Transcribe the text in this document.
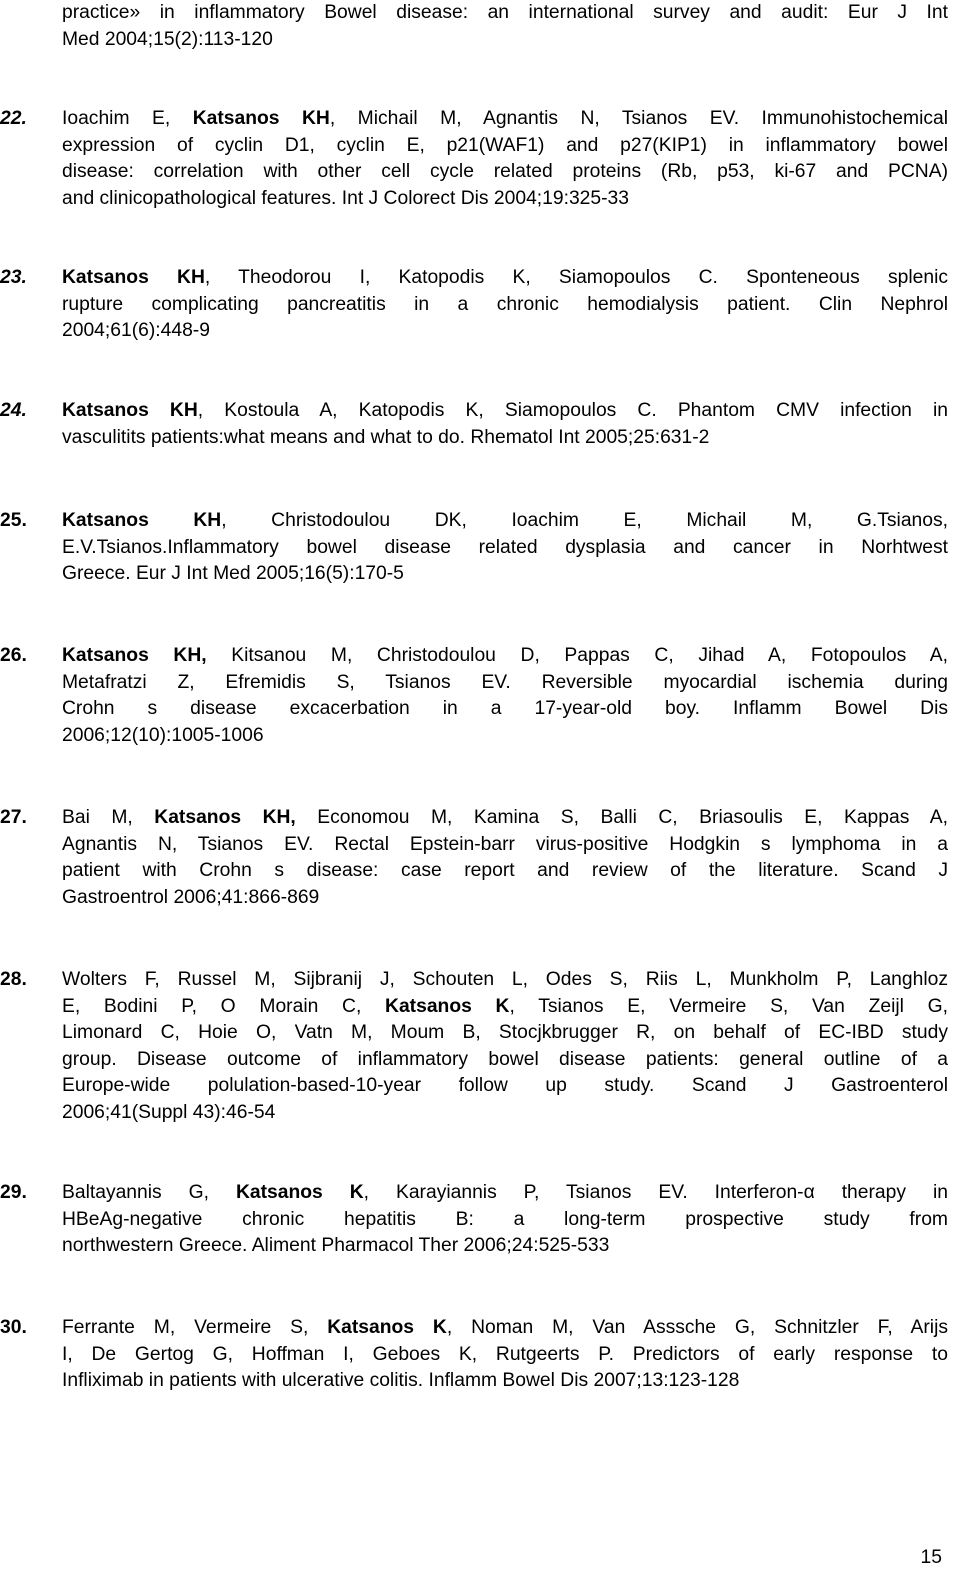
practice» in inflammatory Bowel disease: an international survey and audit: Eur J Int

Med 2004;15(2):113-120

22.	Ioachim E, Katsanos KH, Michail M, Agnantis N, Tsianos EV. Immunohistochemical

expression of cyclin D1, cyclin E, p21(WAF1) and p27(KIP1) in inflammatory bowel

disease: correlation with other cell cycle related proteins (Rb, p53, ki-67 and PCNA)

and clinicopathological features. Int J Colorect Dis 2004;19:325-33

23.	Katsanos KH, Theodorou I, Katopodis K, Siamopoulos C. Sponteneous splenic

rupture complicating pancreatitis in a chronic hemodialysis patient. Clin Nephrol

2004;61(6):448-9

24.	Katsanos KH, Kostoula A, Katopodis K, Siamopoulos C. Phantom CMV infection in

vasculitits patients:what means and what to do. Rhematol Int 2005;25:631-2

25.	Katsanos KH, Christodoulou DK, Ioachim E, Michail M, G.Tsianos,

E.V.Tsianos.Inflammatory bowel disease related dysplasia and cancer in Norhtwest

Greece. Eur J Int Med 2005;16(5):170-5

26.	Katsanos KH, Kitsanou M, Christodoulou D, Pappas C, Jihad A, Fotopoulos A,

Metafratzi Z, Efremidis S, Tsianos EV. Reversible myocardial ischemia during

Crohn s disease excacerbation in a 17-year-old boy. Inflamm Bowel Dis

2006;12(10):1005-1006

27.	Bai M, Katsanos KH, Economou M, Kamina S, Balli C, Briasoulis E, Kappas A,

Agnantis N, Tsianos EV. Rectal Epstein-barr virus-positive Hodgkin s lymphoma in a

patient with Crohn s disease: case report and review of the literature. Scand J

Gastroentrol 2006;41:866-869

28.	Wolters F, Russel M, Sijbranij J, Schouten L, Odes S, Riis L, Munkholm P, Langhloz

E, Bodini P, O Morain C, Katsanos K, Tsianos E, Vermeire S, Van Zeijl G,

Limonard C, Hoie O, Vatn M, Moum B, Stocjkbrugger R, on behalf of EC-IBD study

group. Disease outcome of inflammatory bowel disease patients: general outline of a

Europe-wide polulation-based-10-year follow up study. Scand J Gastroenterol

2006;41(Suppl 43):46-54

29.	Baltayannis G, Katsanos K, Karayiannis P, Tsianos EV. Interferon-α therapy in

HBeAg-negative chronic hepatitis B: a long-term prospective study from

northwestern Greece. Aliment Pharmacol Ther 2006;24:525-533

30.	Ferrante M, Vermeire S, Katsanos K, Noman M, Van Asssche G, Schnitzler F, Arijs

I, De Gertog G, Hoffman I, Geboes K, Rutgeerts P. Predictors of early response to

Infliximab in patients with ulcerative colitis. Inflamm Bowel Dis 2007;13:123-128

15
